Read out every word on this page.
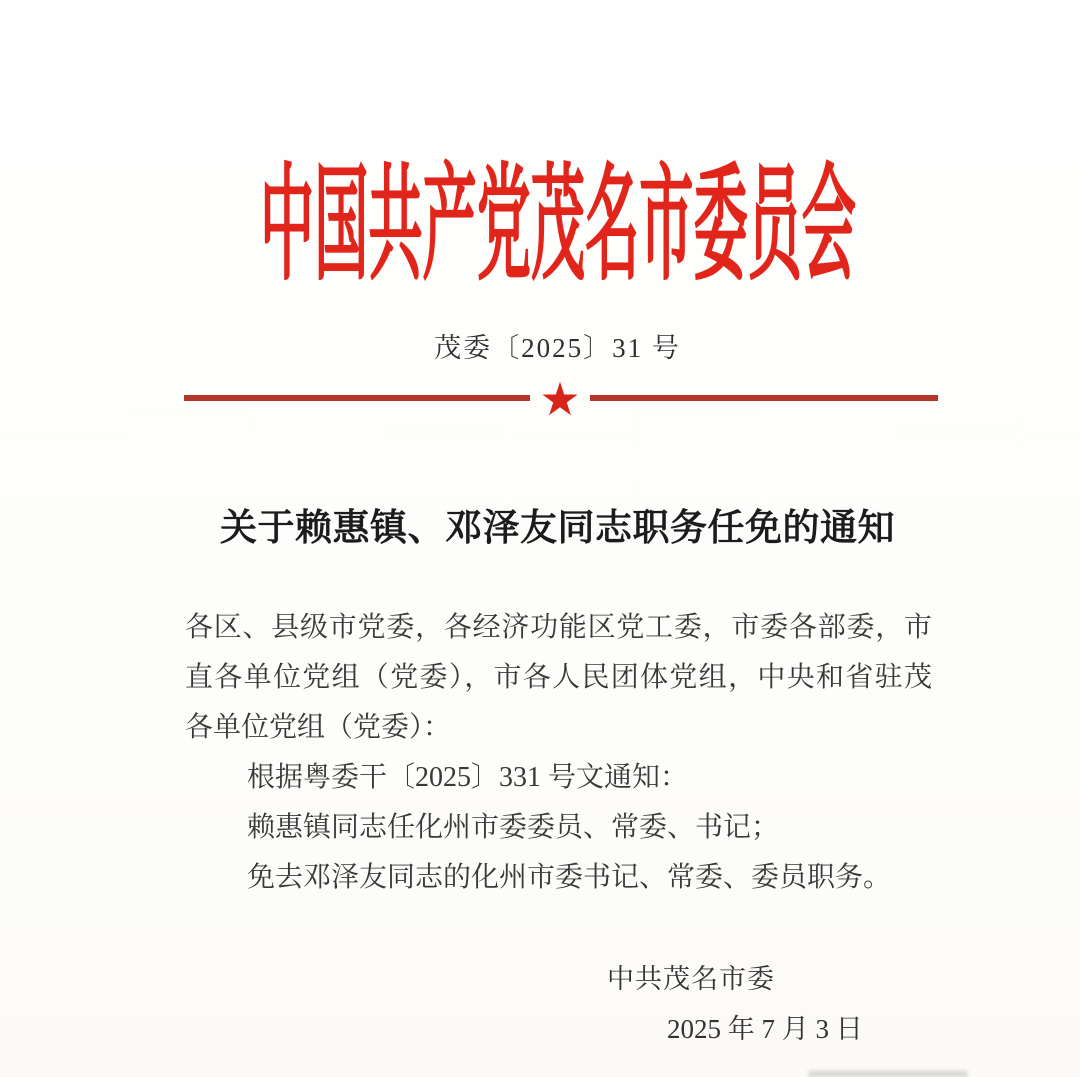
中国共产党茂名市委员会
茂委〔2025〕31 号
★
关于赖惠镇、邓泽友同志职务任免的通知

各区、县级市党委，各经济功能区党工委，市委各部委，市

直各单位党组（党委），市各人民团体党组，中央和省驻茂

各单位党组（党委）：

根据粤委干〔2025〕331 号文通知：

赖惠镇同志任化州市委委员、常委、书记；

免去邓泽友同志的化州市委书记、常委、委员职务。

中共茂名市委
2025 年 7 月 3 日
